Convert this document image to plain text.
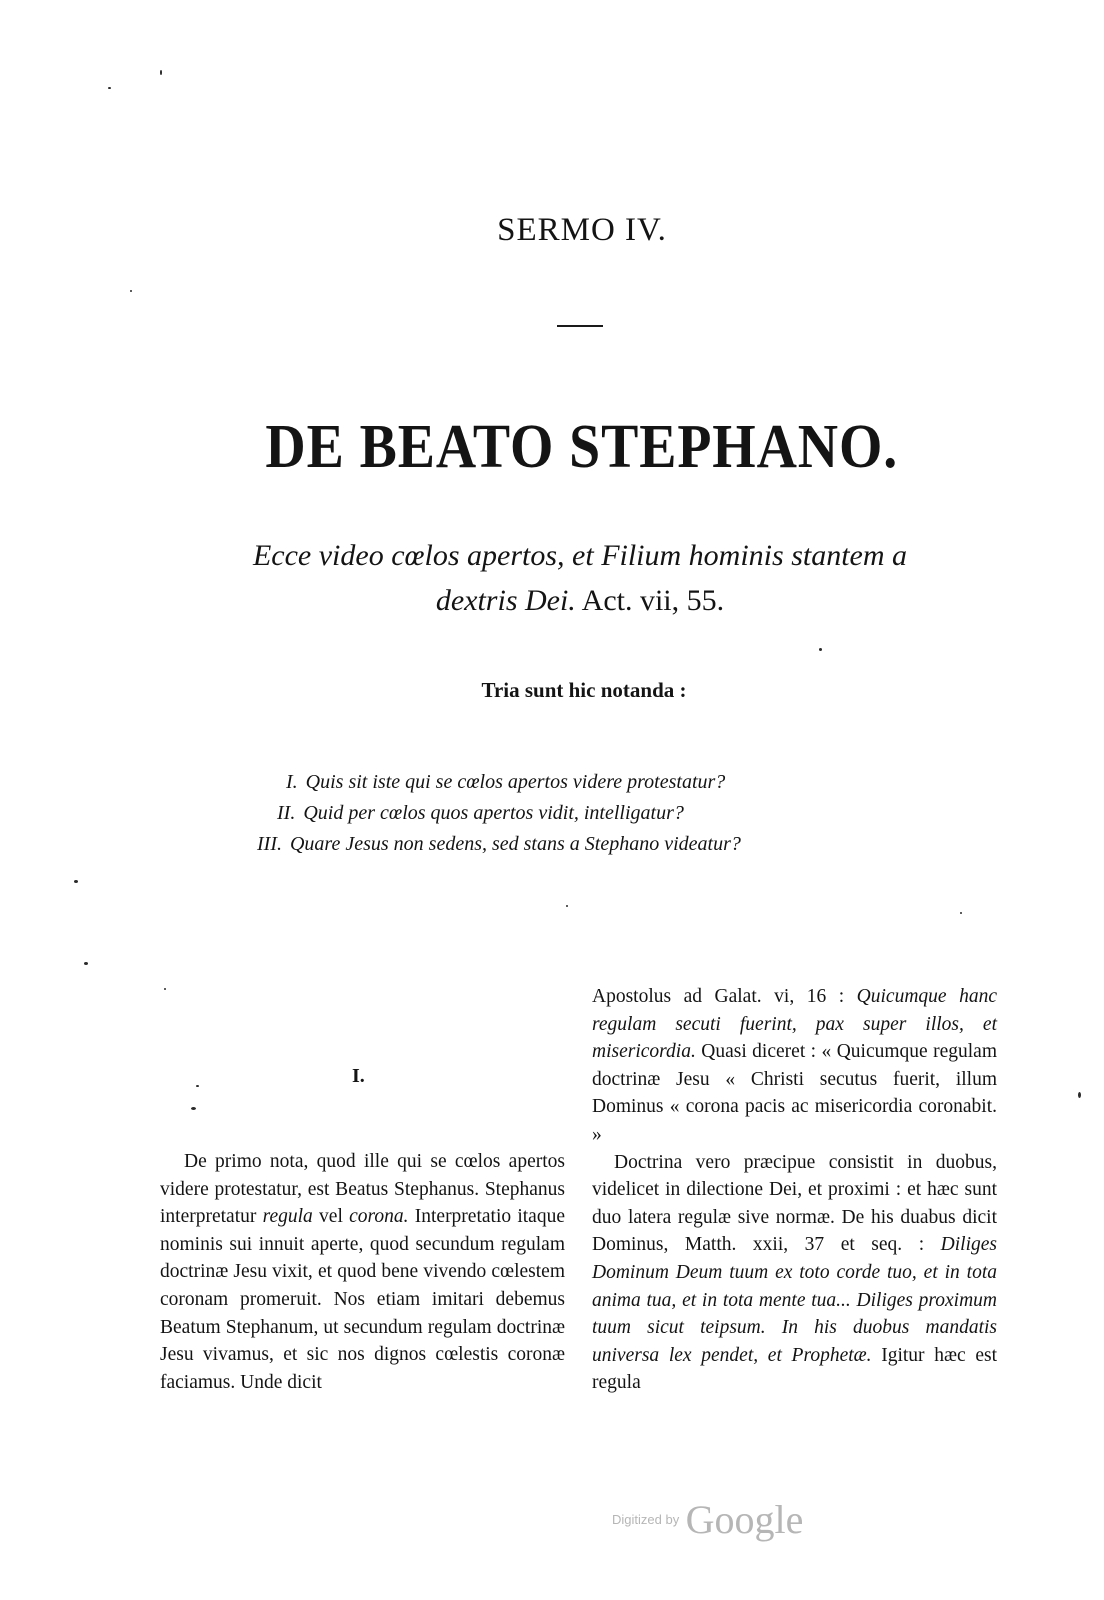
SERMO IV.
DE BEATO STEPHANO.
Ecce video cœlos apertos, et Filium hominis stantem a
dextris Dei. Act. vii, 55.
Tria sunt hic notanda :
I. Quis sit iste qui se cœlos apertos videre protestatur?
II. Quid per cœlos quos apertos vidit, intelligatur?
III. Quare Jesus non sedens, sed stans a Stephano videatur?
I.

De primo nota, quod ille qui se cœlos apertos videre protestatur, est Beatus Stephanus. Stephanus interpretatur regula vel corona. Interpretatio itaque nominis sui innuit aperte, quod secundum regulam doctrinæ Jesu vixit, et quod bene vivendo cœlestem coronam promeruit. Nos etiam imitari debemus Beatum Stephanum, ut secundum regulam doctrinæ Jesu vivamus, et sic nos dignos cœlestis coronæ faciamus. Unde dicit

Apostolus ad Galat. vi, 16 : Quicumque hanc regulam secuti fuerint, pax super illos, et misericordia. Quasi diceret : « Quicumque regulam doctrinæ Jesu « Christi secutus fuerit, illum Dominus « corona pacis ac misericordia coronabit. »

Doctrina vero præcipue consistit in duobus, videlicet in dilectione Dei, et proximi : et hæc sunt duo latera regulæ sive normæ. De his duabus dicit Dominus, Matth. xxii, 37 et seq. : Diliges Dominum Deum tuum ex toto corde tuo, et in tota anima tua, et in tota mente tua... Diliges proximum tuum sicut teipsum. In his duobus mandatis universa lex pendet, et Prophetæ. Igitur hæc est regula

Digitized by Google
